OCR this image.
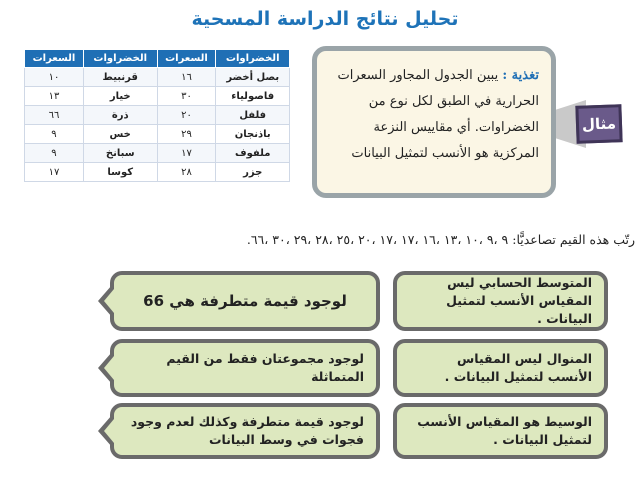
تحليل نتائج الدراسة المسحية
الخضراوات	السعرات	الخضراوات	السعرات
بصل أخضر	١٦	قرنبيط	١٠
فاصولياء	٣٠	خيار	١٣
فلفل	٢٠	ذرة	٦٦
باذنجان	٢٩	خس	٩
ملفوف	١٧	سبانخ	٩
جزر	٢٨	كوسا	١٧
تغذية : يبين الجدول المجاور السعرات الحرارية في الطبق لكل نوع من الخضراوات. أي مقاييس النزعة المركزية هو الأنسب لتمثيل البيانات
مثال
رتّب هذه القيم تصاعديًّا: ٩ ،٩ ،١٠ ،١٣ ،١٦ ،١٧ ،١٧ ،٢٠ ،٢٥ ،٢٨ ،٢٩ ،٣٠ ،٦٦.
المتوسط الحسابي ليس المقياس الأنسب لتمثيل البيانات .
المنوال ليس المقياس الأنسب لتمثيل البيانات .
الوسيط هو المقياس الأنسب لتمثيل البيانات .
لوجود قيمة متطرفة هي 66
لوجود مجموعتان فقط من القيم المتماثلة
لوجود قيمة متطرفة وكذلك لعدم وجود فجوات في وسط البيانات
